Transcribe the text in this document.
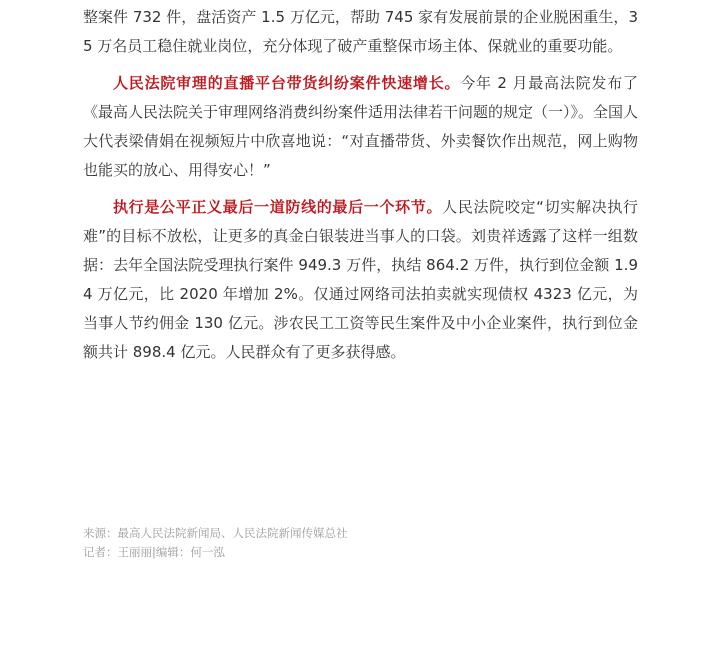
整案件 732 件，盘活资产 1.5 万亿元，帮助 745 家有发展前景的企业脱困重生，35 万名员工稳住就业岗位，充分体现了破产重整保市场主体、保就业的重要功能。

人民法院审理的直播平台带货纠纷案件快速增长。今年 2 月最高法院发布了《最高人民法院关于审理网络消费纠纷案件适用法律若干问题的规定（一）》。全国人大代表梁倩娟在视频短片中欣喜地说：“对直播带货、外卖餐饮作出规范，网上购物也能买的放心、用得安心！”

执行是公平正义最后一道防线的最后一个环节。人民法院咬定“切实解决执行难”的目标不放松，让更多的真金白银装进当事人的口袋。刘贵祥透露了这样一组数据：去年全国法院受理执行案件 949.3 万件，执结 864.2 万件，执行到位金额 1.94 万亿元，比 2020 年增加 2%。仅通过网络司法拍卖就实现债权 4323 亿元，为当事人节约佣金 130 亿元。涉农民工工资等民生案件及中小企业案件，执行到位金额共计 898.4 亿元。人民群众有了更多获得感。

来源：最高人民法院新闻局、人民法院新闻传媒总社
记者：王丽丽|编辑：何一泓
